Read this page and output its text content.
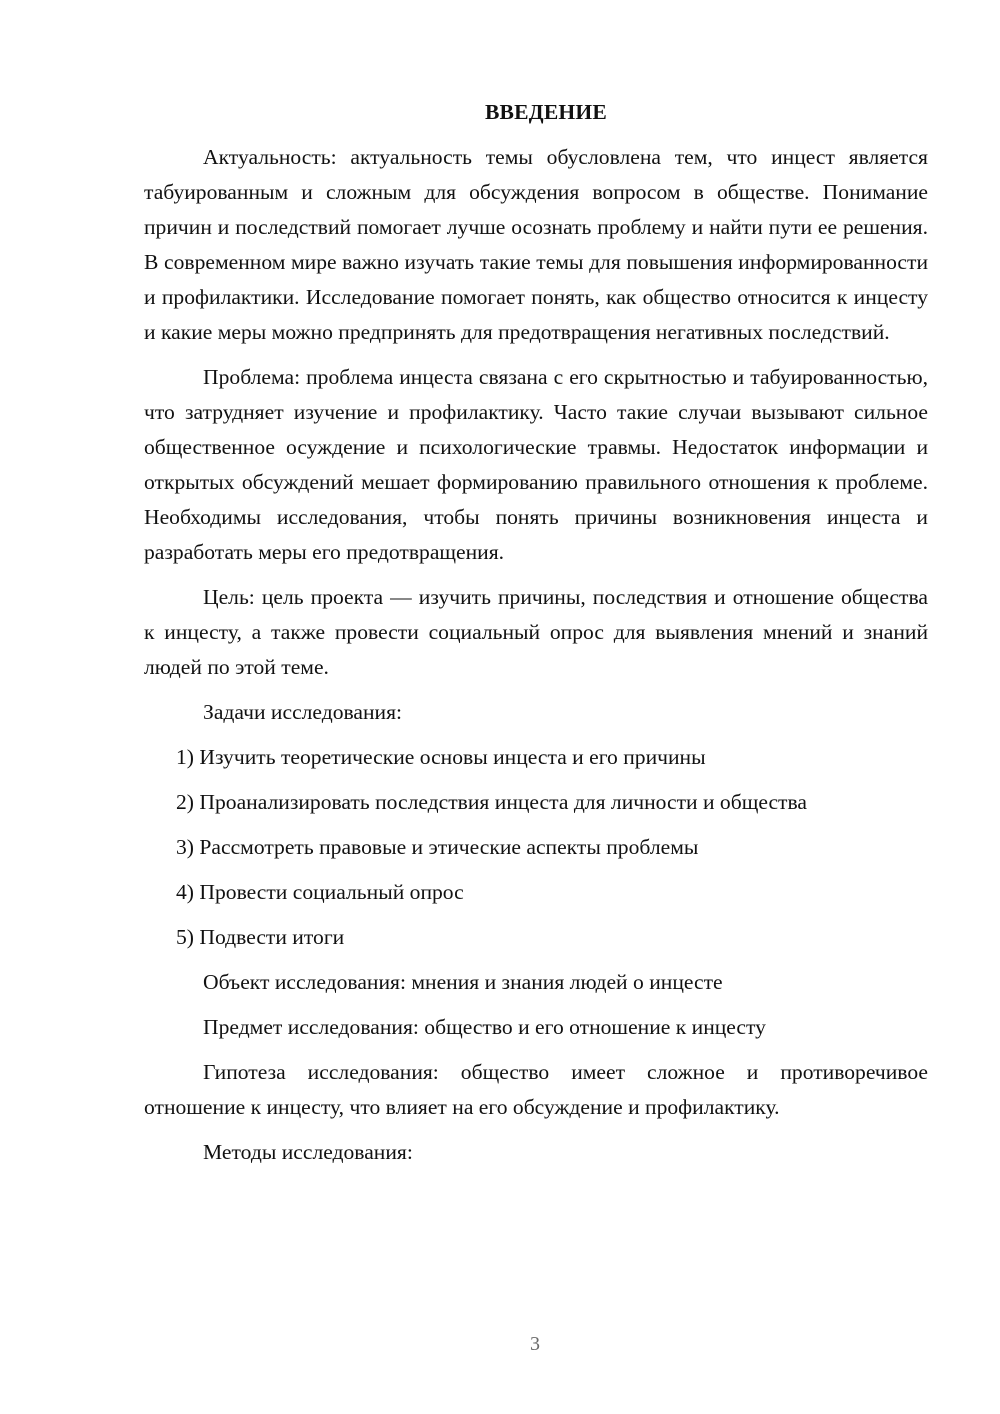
ВВЕДЕНИЕ

Актуальность: актуальность темы обусловлена тем, что инцест является табуированным и сложным для обсуждения вопросом в обществе. Понимание причин и последствий помогает лучше осознать проблему и найти пути ее решения. В современном мире важно изучать такие темы для повышения информированности и профилактики. Исследование помогает понять, как общество относится к инцесту и какие меры можно предпринять для предотвращения негативных последствий.

Проблема: проблема инцеста связана с его скрытностью и табуированностью, что затрудняет изучение и профилактику. Часто такие случаи вызывают сильное общественное осуждение и психологические травмы. Недостаток информации и открытых обсуждений мешает формированию правильного отношения к проблеме. Необходимы исследования, чтобы понять причины возникновения инцеста и разработать меры его предотвращения.

Цель: цель проекта — изучить причины, последствия и отношение общества к инцесту, а также провести социальный опрос для выявления мнений и знаний людей по этой теме.

Задачи исследования:

1) Изучить теоретические основы инцеста и его причины
2) Проанализировать последствия инцеста для личности и общества
3) Рассмотреть правовые и этические аспекты проблемы
4) Провести социальный опрос
5) Подвести итоги

Объект исследования: мнения и знания людей о инцесте

Предмет исследования: общество и его отношение к инцесту

Гипотеза исследования: общество имеет сложное и противоречивое отношение к инцесту, что влияет на его обсуждение и профилактику.

Методы исследования:

3
